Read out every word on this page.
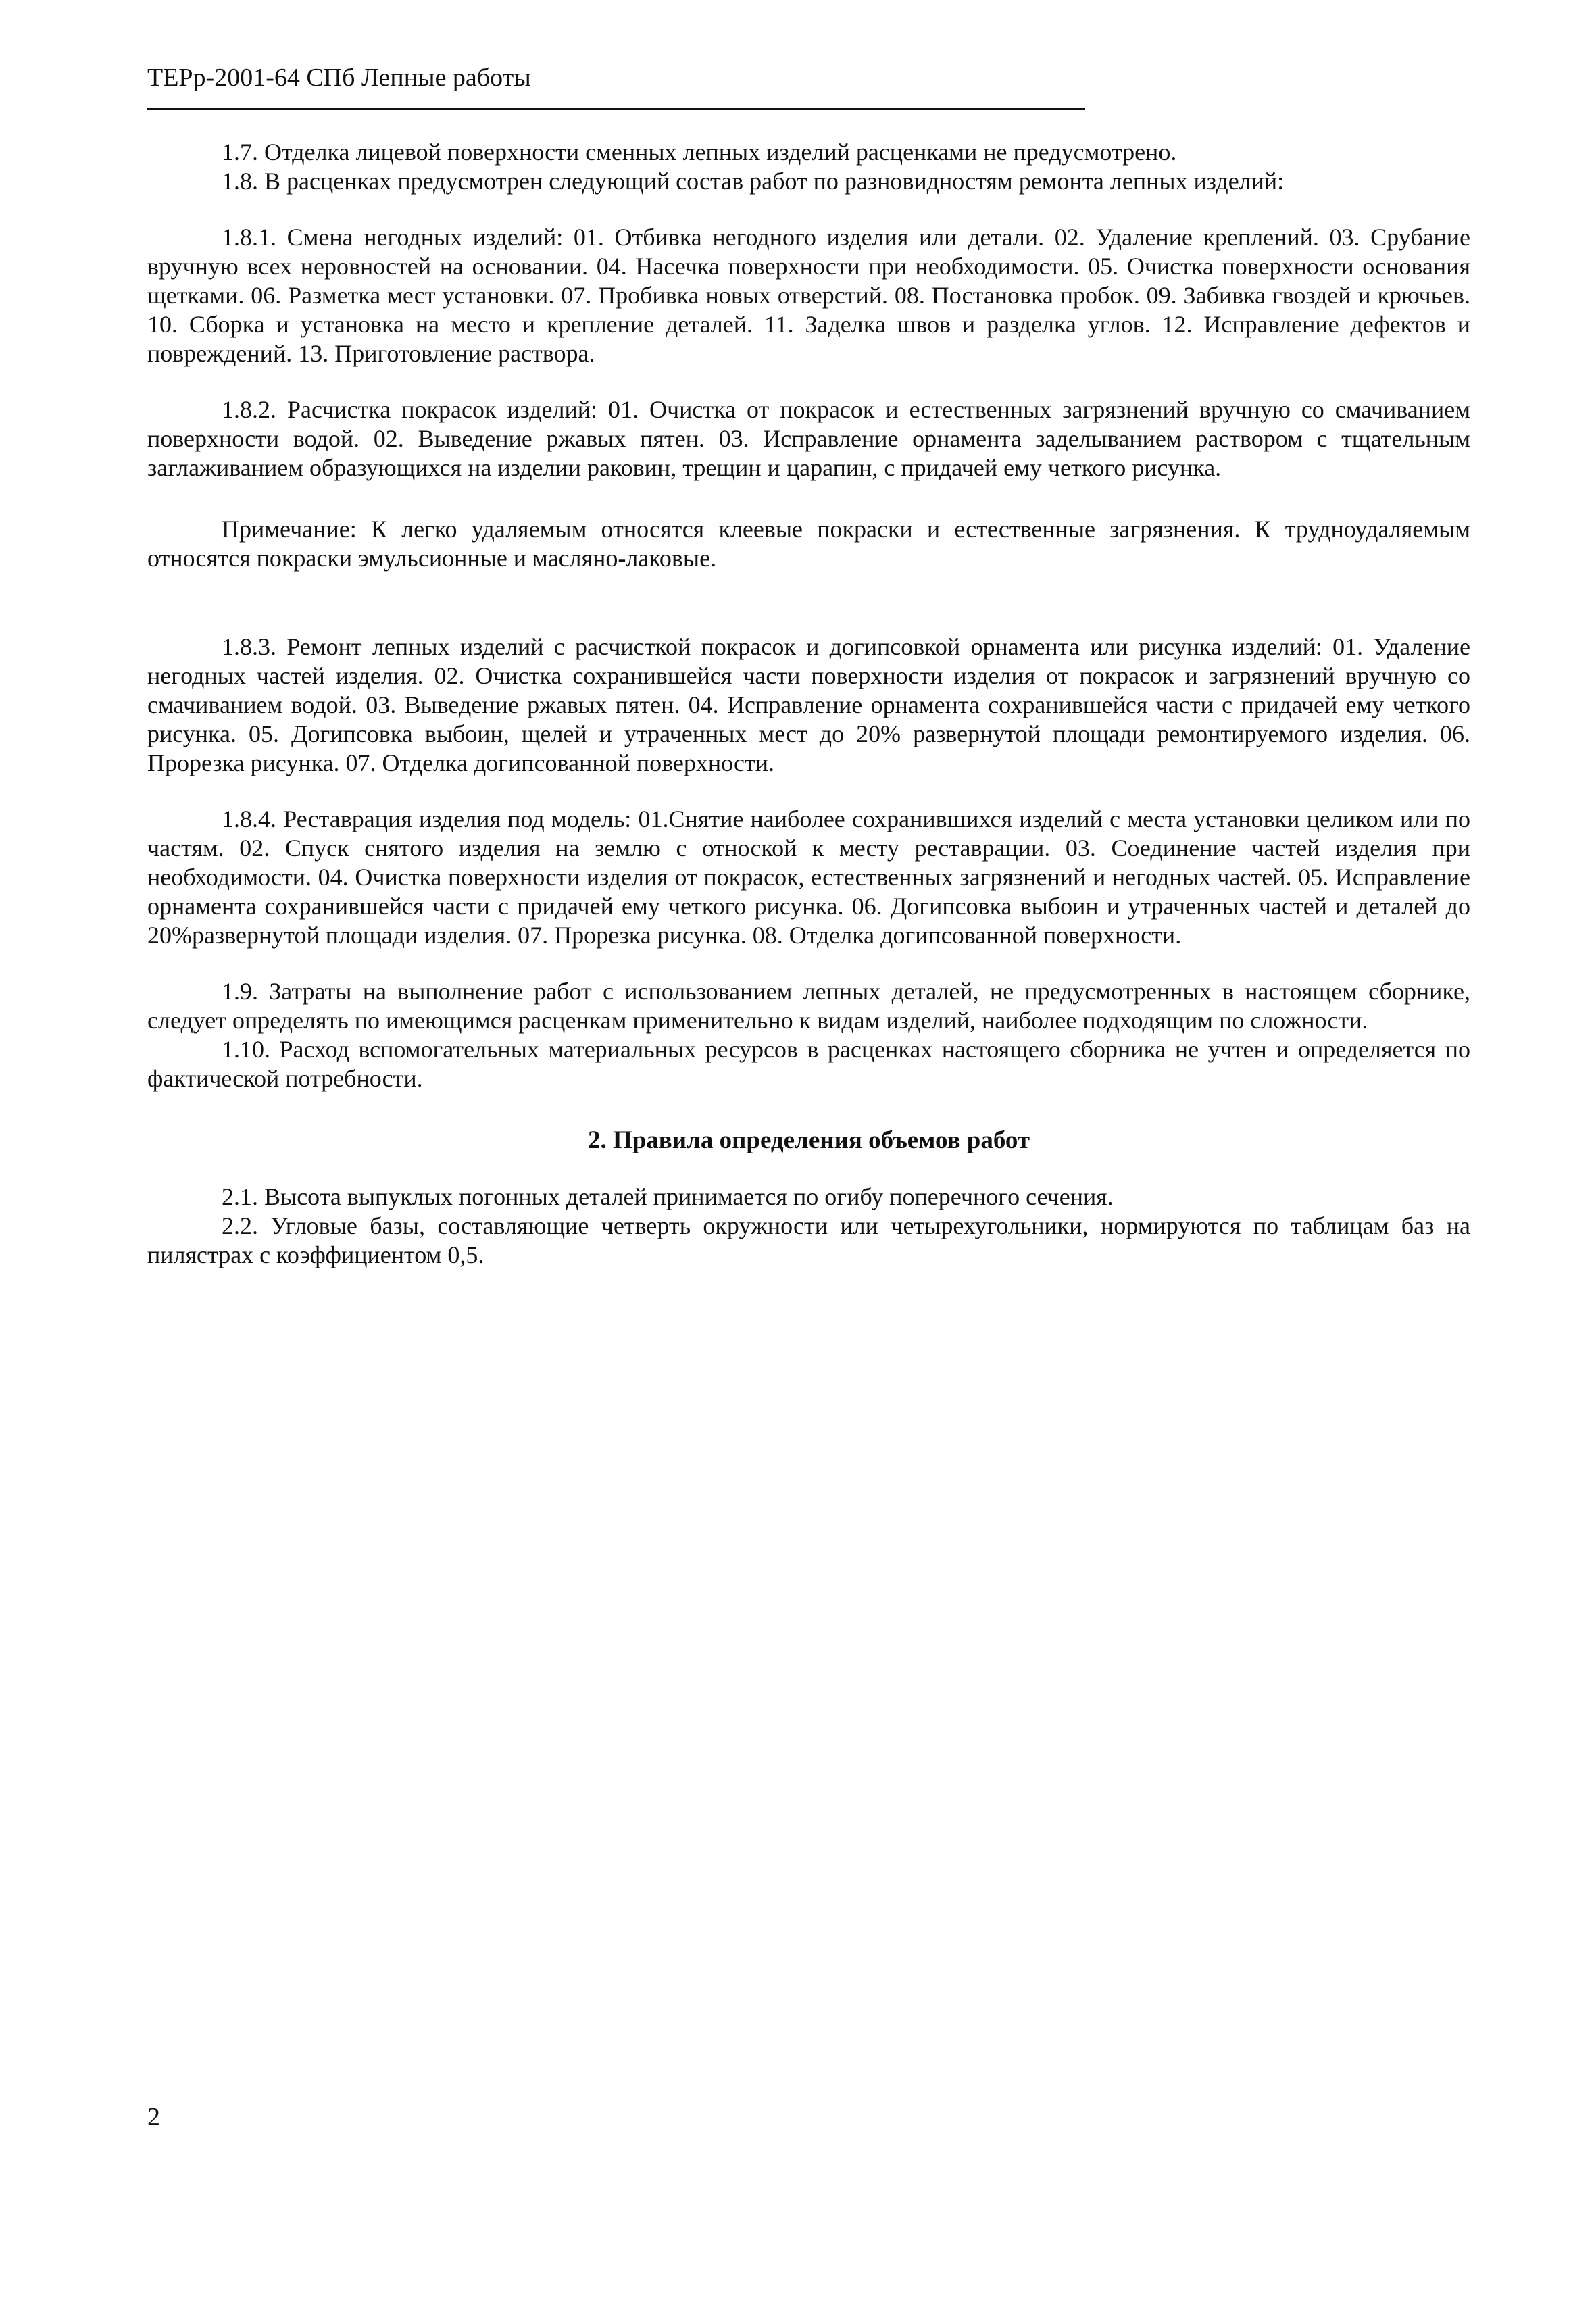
ТЕРр-2001-64 СПб Лепные работы

1.7. Отделка лицевой поверхности сменных лепных изделий расценками не предусмотрено.

1.8. В расценках предусмотрен следующий состав работ по разновидностям ремонта лепных изделий:

1.8.1. Смена негодных изделий: 01. Отбивка негодного изделия или детали. 02. Удаление креплений. 03. Срубание вручную всех неровностей на основании. 04. Насечка поверхности при необходимости. 05. Очистка поверхности основания щетками. 06. Разметка мест установки. 07. Пробивка новых отверстий. 08. Постановка пробок. 09. Забивка гвоздей и крючьев. 10. Сборка и установка на место и крепление деталей. 11. Заделка швов и разделка углов. 12. Исправление дефектов и повреждений. 13. Приготовление раствора.

1.8.2. Расчистка покрасок изделий: 01. Очистка от покрасок и естественных загрязнений вручную со смачиванием поверхности водой. 02. Выведение ржавых пятен. 03. Исправление орнамента заделыванием раствором с тщательным заглаживанием образующихся на изделии раковин, трещин и царапин, с придачей ему четкого рисунка.

Примечание: К легко удаляемым относятся клеевые покраски и естественные загрязнения. К трудноудаляемым относятся покраски эмульсионные и масляно-лаковые.

1.8.3. Ремонт лепных изделий с расчисткой покрасок и догипсовкой орнамента или рисунка изделий: 01. Удаление негодных частей изделия. 02. Очистка сохранившейся части поверхности изделия от покрасок и загрязнений вручную со смачиванием водой. 03. Выведение ржавых пятен. 04. Исправление орнамента сохранившейся части с придачей ему четкого рисунка. 05. Догипсовка выбоин, щелей и утраченных мест до 20% развернутой площади ремонтируемого изделия. 06. Прорезка рисунка. 07. Отделка догипсованной поверхности.

1.8.4. Реставрация изделия под модель: 01.Снятие наиболее сохранившихся изделий с места установки целиком или по частям. 02. Спуск снятого изделия на землю с отноской к месту реставрации. 03. Соединение частей изделия при необходимости. 04. Очистка поверхности изделия от покрасок, естественных загрязнений и негодных частей. 05. Исправление орнамента сохранившейся части с придачей ему четкого рисунка. 06. Догипсовка выбоин и утраченных частей и деталей до 20%развернутой площади изделия. 07. Прорезка рисунка. 08. Отделка догипсованной поверхности.

1.9. Затраты на выполнение работ с использованием лепных деталей, не предусмотренных в настоящем сборнике, следует определять по имеющимся расценкам применительно к видам изделий, наиболее подходящим по сложности.

1.10. Расход вспомогательных материальных ресурсов в расценках настоящего сборника не учтен и определяется по фактической потребности.

2. Правила определения объемов работ

2.1. Высота выпуклых погонных деталей принимается по огибу поперечного сечения.

2.2. Угловые базы, составляющие четверть окружности или четырехугольники, нормируются по таблицам баз на пилястрах с коэффициентом 0,5.

2
